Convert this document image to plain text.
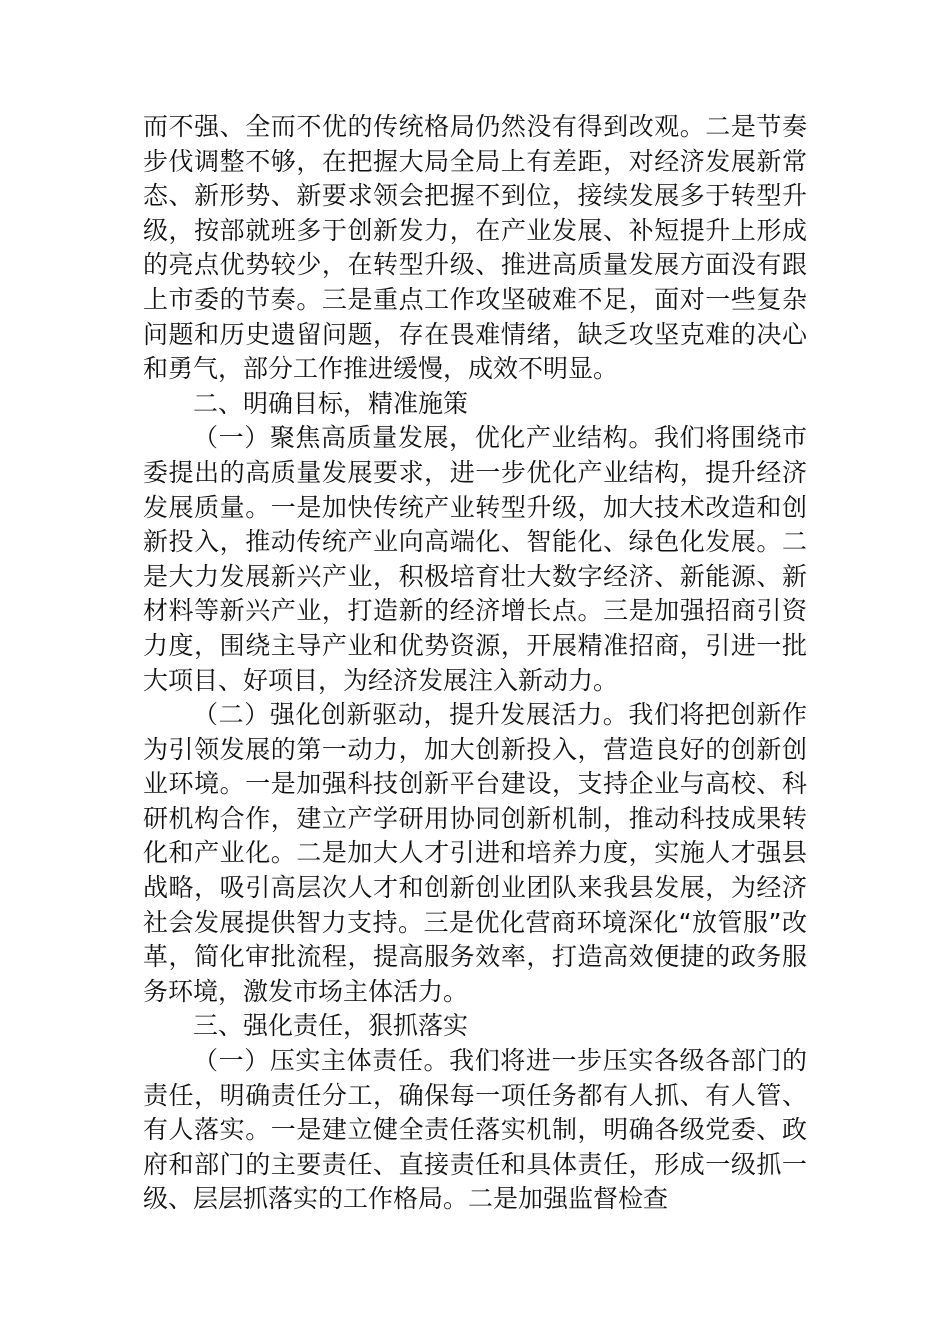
而不强、全而不优的传统格局仍然没有得到改观。二是节奏步伐调整不够，在把握大局全局上有差距，对经济发展新常态、新形势、新要求领会把握不到位，接续发展多于转型升级，按部就班多于创新发力，在产业发展、补短提升上形成的亮点优势较少，在转型升级、推进高质量发展方面没有跟上市委的节奏。三是重点工作攻坚破难不足，面对一些复杂问题和历史遗留问题，存在畏难情绪，缺乏攻坚克难的决心和勇气，部分工作推进缓慢，成效不明显。

二、明确目标，精准施策

（一）聚焦高质量发展，优化产业结构。我们将围绕市委提出的高质量发展要求，进一步优化产业结构，提升经济发展质量。一是加快传统产业转型升级，加大技术改造和创新投入，推动传统产业向高端化、智能化、绿色化发展。二是大力发展新兴产业，积极培育壮大数字经济、新能源、新材料等新兴产业，打造新的经济增长点。三是加强招商引资力度，围绕主导产业和优势资源，开展精准招商，引进一批大项目、好项目，为经济发展注入新动力。

（二）强化创新驱动，提升发展活力。我们将把创新作为引领发展的第一动力，加大创新投入，营造良好的创新创业环境。一是加强科技创新平台建设，支持企业与高校、科研机构合作，建立产学研用协同创新机制，推动科技成果转化和产业化。二是加大人才引进和培养力度，实施人才强县战略，吸引高层次人才和创新创业团队来我县发展，为经济社会发展提供智力支持。三是优化营商环境深化“放管服”改革，简化审批流程，提高服务效率，打造高效便捷的政务服务环境，激发市场主体活力。

三、强化责任，狠抓落实

（一）压实主体责任。我们将进一步压实各级各部门的责任，明确责任分工，确保每一项任务都有人抓、有人管、有人落实。一是建立健全责任落实机制，明确各级党委、政府和部门的主要责任、直接责任和具体责任，形成一级抓一级、层层抓落实的工作格局。二是加强监督检查
